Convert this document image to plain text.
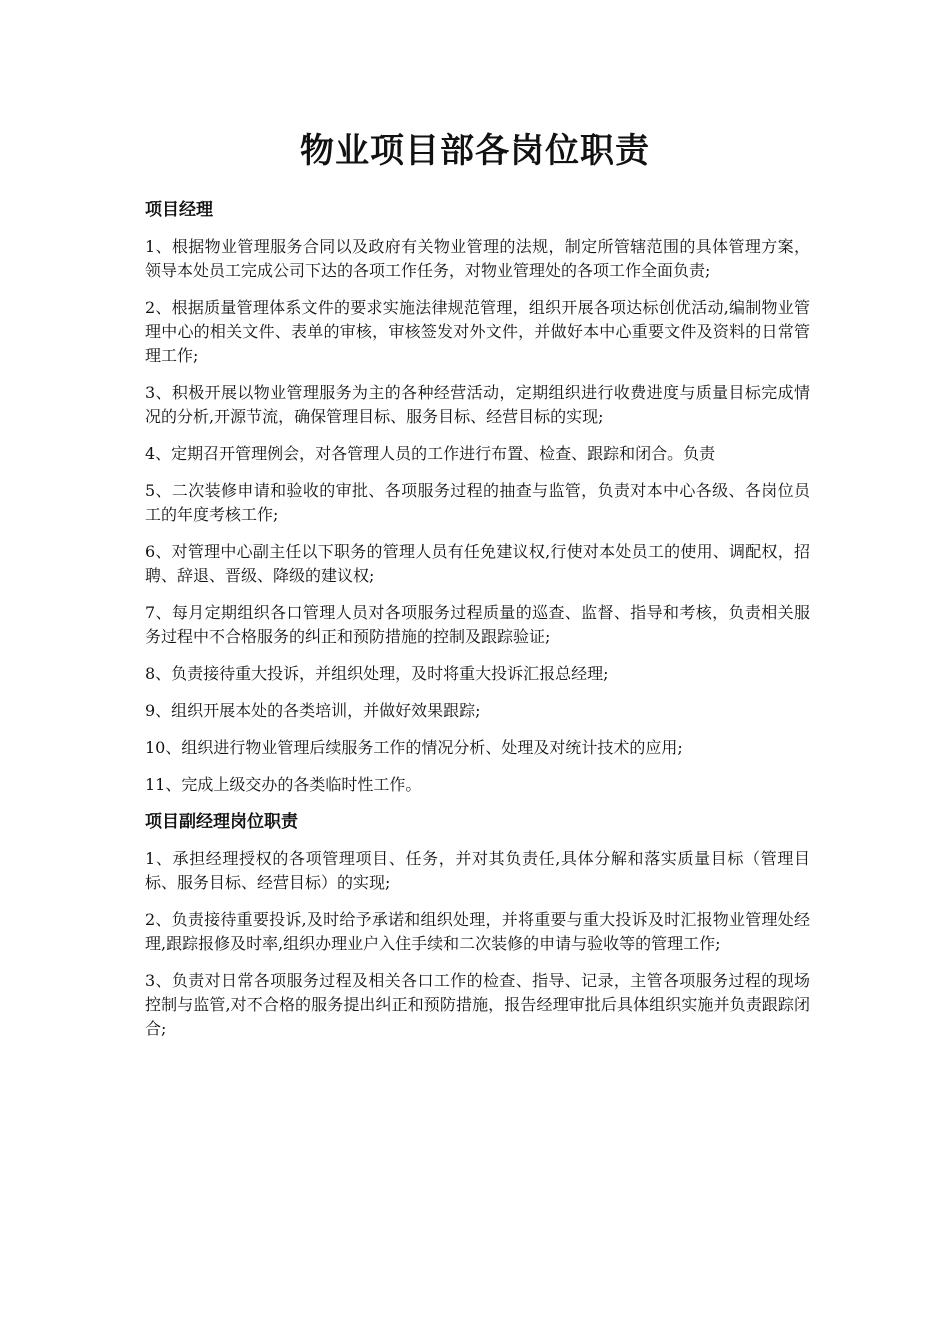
物业项目部各岗位职责

项目经理

1、根据物业管理服务合同以及政府有关物业管理的法规，制定所管辖范围的具体管理方案，领导本处员工完成公司下达的各项工作任务，对物业管理处的各项工作全面负责;

2、根据质量管理体系文件的要求实施法律规范管理，组织开展各项达标创优活动,编制物业管理中心的相关文件、表单的审核，审核签发对外文件，并做好本中心重要文件及资料的日常管理工作;

3、积极开展以物业管理服务为主的各种经营活动，定期组织进行收费进度与质量目标完成情况的分析,开源节流，确保管理目标、服务目标、经营目标的实现;

4、定期召开管理例会，对各管理人员的工作进行布置、检查、跟踪和闭合。负责

5、二次装修申请和验收的审批、各项服务过程的抽查与监管，负责对本中心各级、各岗位员工的年度考核工作;

6、对管理中心副主任以下职务的管理人员有任免建议权,行使对本处员工的使用、调配权，招聘、辞退、晋级、降级的建议权;

7、每月定期组织各口管理人员对各项服务过程质量的巡查、监督、指导和考核，负责相关服务过程中不合格服务的纠正和预防措施的控制及跟踪验证;

8、负责接待重大投诉，并组织处理，及时将重大投诉汇报总经理;

9、组织开展本处的各类培训，并做好效果跟踪;

10、组织进行物业管理后续服务工作的情况分析、处理及对统计技术的应用;

11、完成上级交办的各类临时性工作。

项目副经理岗位职责

1、承担经理授权的各项管理项目、任务，并对其负责任,具体分解和落实质量目标（管理目标、服务目标、经营目标）的实现;

2、负责接待重要投诉,及时给予承诺和组织处理，并将重要与重大投诉及时汇报物业管理处经理,跟踪报修及时率,组织办理业户入住手续和二次装修的申请与验收等的管理工作;

3、负责对日常各项服务过程及相关各口工作的检查、指导、记录，主管各项服务过程的现场控制与监管,对不合格的服务提出纠正和预防措施，报告经理审批后具体组织实施并负责跟踪闭合;
